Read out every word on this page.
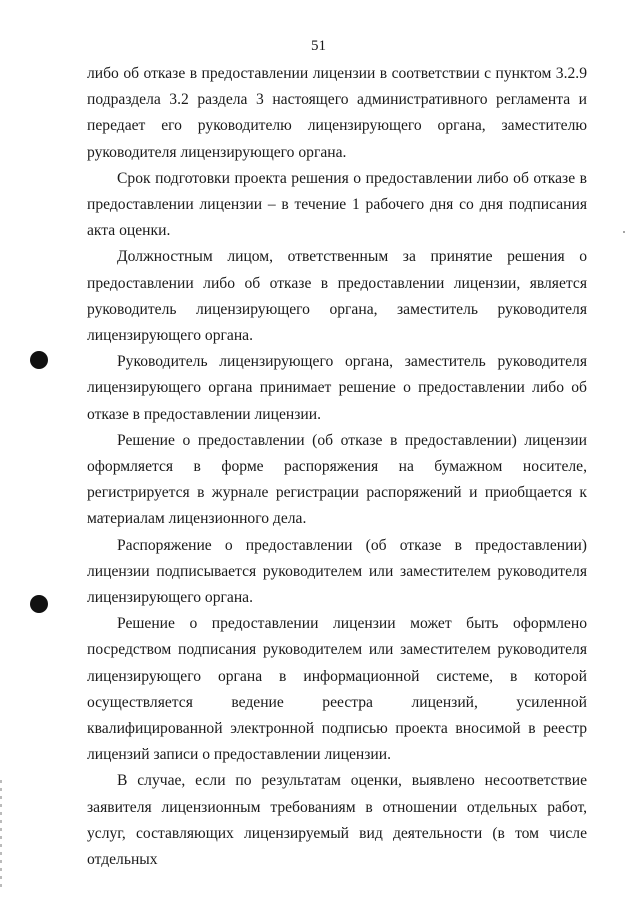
51

либо об отказе в предоставлении лицензии в соответствии с пунктом 3.2.9 подраздела 3.2 раздела 3 настоящего административного регламента и передает его руководителю лицензирующего органа, заместителю руководителя лицензирующего органа.

Срок подготовки проекта решения о предоставлении либо об отказе в предоставлении лицензии – в течение 1 рабочего дня со дня подписания акта оценки.

Должностным лицом, ответственным за принятие решения о предоставлении либо об отказе в предоставлении лицензии, является руководитель лицензирующего органа, заместитель руководителя лицензирующего органа.

Руководитель лицензирующего органа, заместитель руководителя лицензирующего органа принимает решение о предоставлении либо об отказе в предоставлении лицензии.

Решение о предоставлении (об отказе в предоставлении) лицензии оформляется в форме распоряжения на бумажном носителе, регистрируется в журнале регистрации распоряжений и приобщается к материалам лицензионного дела.

Распоряжение о предоставлении (об отказе в предоставлении) лицензии подписывается руководителем или заместителем руководителя лицензирующего органа.

Решение о предоставлении лицензии может быть оформлено посредством подписания руководителем или заместителем руководителя лицензирующего органа в информационной системе, в которой осуществляется ведение реестра лицензий, усиленной квалифицированной электронной подписью проекта вносимой в реестр лицензий записи о предоставлении лицензии.

В случае, если по результатам оценки, выявлено несоответствие заявителя лицензионным требованиям в отношении отдельных работ, услуг, составляющих лицензируемый вид деятельности (в том числе отдельных
